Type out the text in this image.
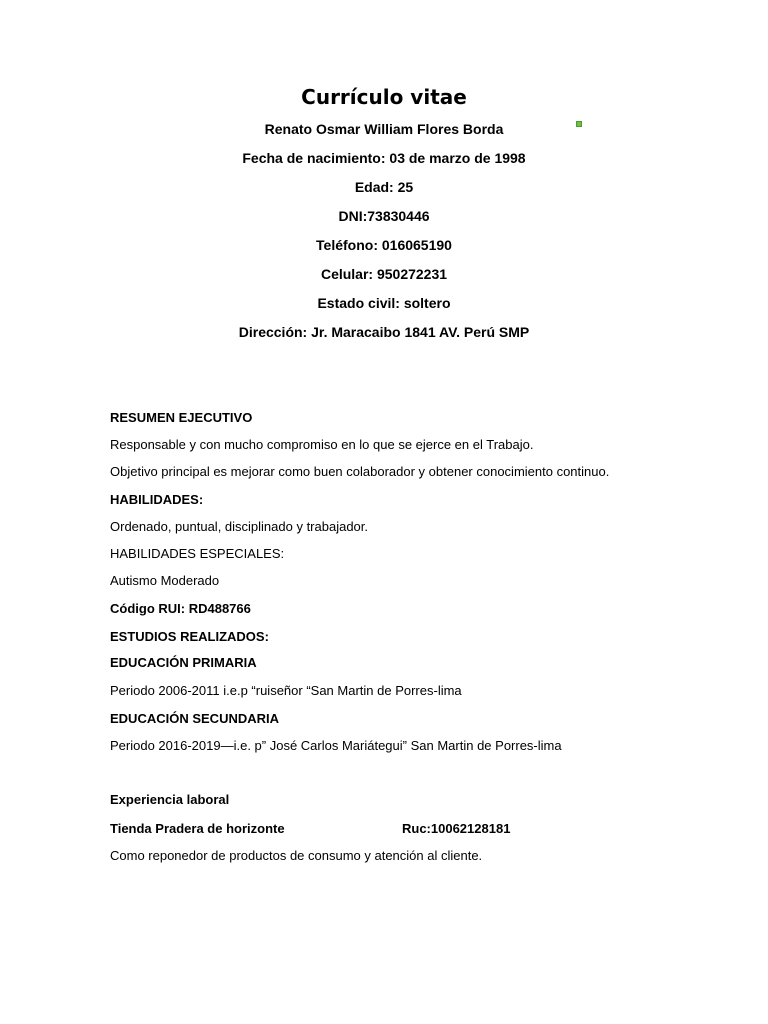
Currículo vitae
Renato Osmar William Flores Borda
Fecha de nacimiento: 03 de marzo de 1998
Edad: 25
DNI:73830446
Teléfono: 016065190
Celular: 950272231
Estado civil: soltero
Dirección: Jr. Maracaibo 1841 AV. Perú SMP
RESUMEN EJECUTIVO
Responsable y con mucho compromiso en lo que se ejerce en el Trabajo.
Objetivo principal es mejorar como buen colaborador y obtener conocimiento continuo.
HABILIDADES:
Ordenado, puntual, disciplinado y trabajador.
HABILIDADES ESPECIALES:
Autismo Moderado
Código RUI: RD488766
ESTUDIOS REALIZADOS:
EDUCACIÓN PRIMARIA
Periodo 2006-2011 i.e.p “ruiseñor “San Martin de Porres-lima
EDUCACIÓN SECUNDARIA
Periodo 2016-2019—i.e. p” José Carlos Mariátegui” San Martin de Porres-lima
Experiencia laboral
Tienda Pradera de horizonte	Ruc:10062128181
Como reponedor de productos de consumo y atención al cliente.
